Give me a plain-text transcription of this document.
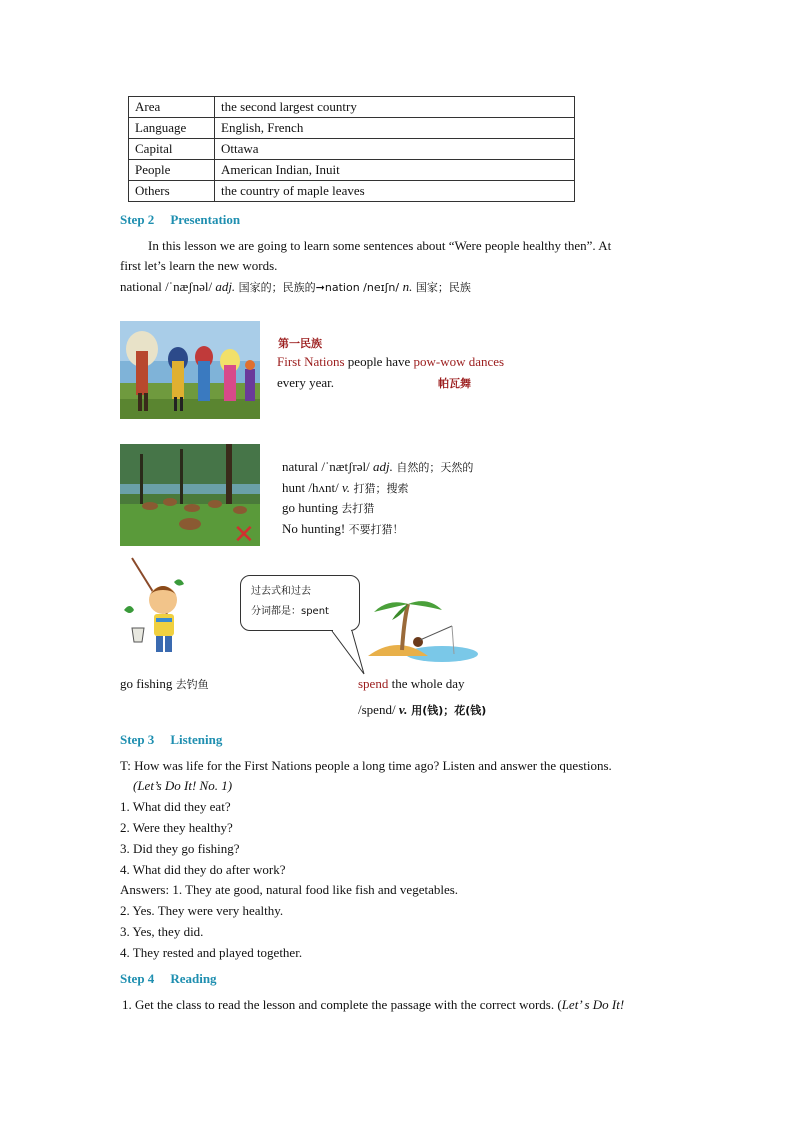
Area	the second largest country
Language	English, French
Capital	Ottawa
People	American Indian, Inuit
Others	the country of maple leaves
Step 2 Presentation
In this lesson we are going to learn some sentences about “Were people healthy then”. At
first let’s learn the new words.
national /ˈnæʃnəl/ adj. 国家的；民族的➞nation /neɪʃn/ n. 国家；民族
第一民族
First Nations people have pow-wow dances
every year.	帕瓦舞
✕
natural /ˈnætʃrəl/ adj. 自然的；天然的
hunt /hʌnt/ v. 打猎；搜索
go hunting 去打猎
No hunting! 不要打猎！
过去式和过去
分词都是：spent
go fishing 去钓鱼	spend the whole day
/spend/ v. 用(钱)；花(钱)
Step 3 Listening
T: How was life for the First Nations people a long time ago? Listen and answer the questions.
(Let’s Do It! No. 1)
1. What did they eat?
2. Were they healthy?
3. Did they go fishing?
4. What did they do after work?
Answers: 1. They ate good, natural food like fish and vegetables.
2. Yes. They were very healthy.
3. Yes, they did.
4. They rested and played together.
Step 4 Reading
1. Get the class to read the lesson and complete the passage with the correct words. (Let’ s Do It!
